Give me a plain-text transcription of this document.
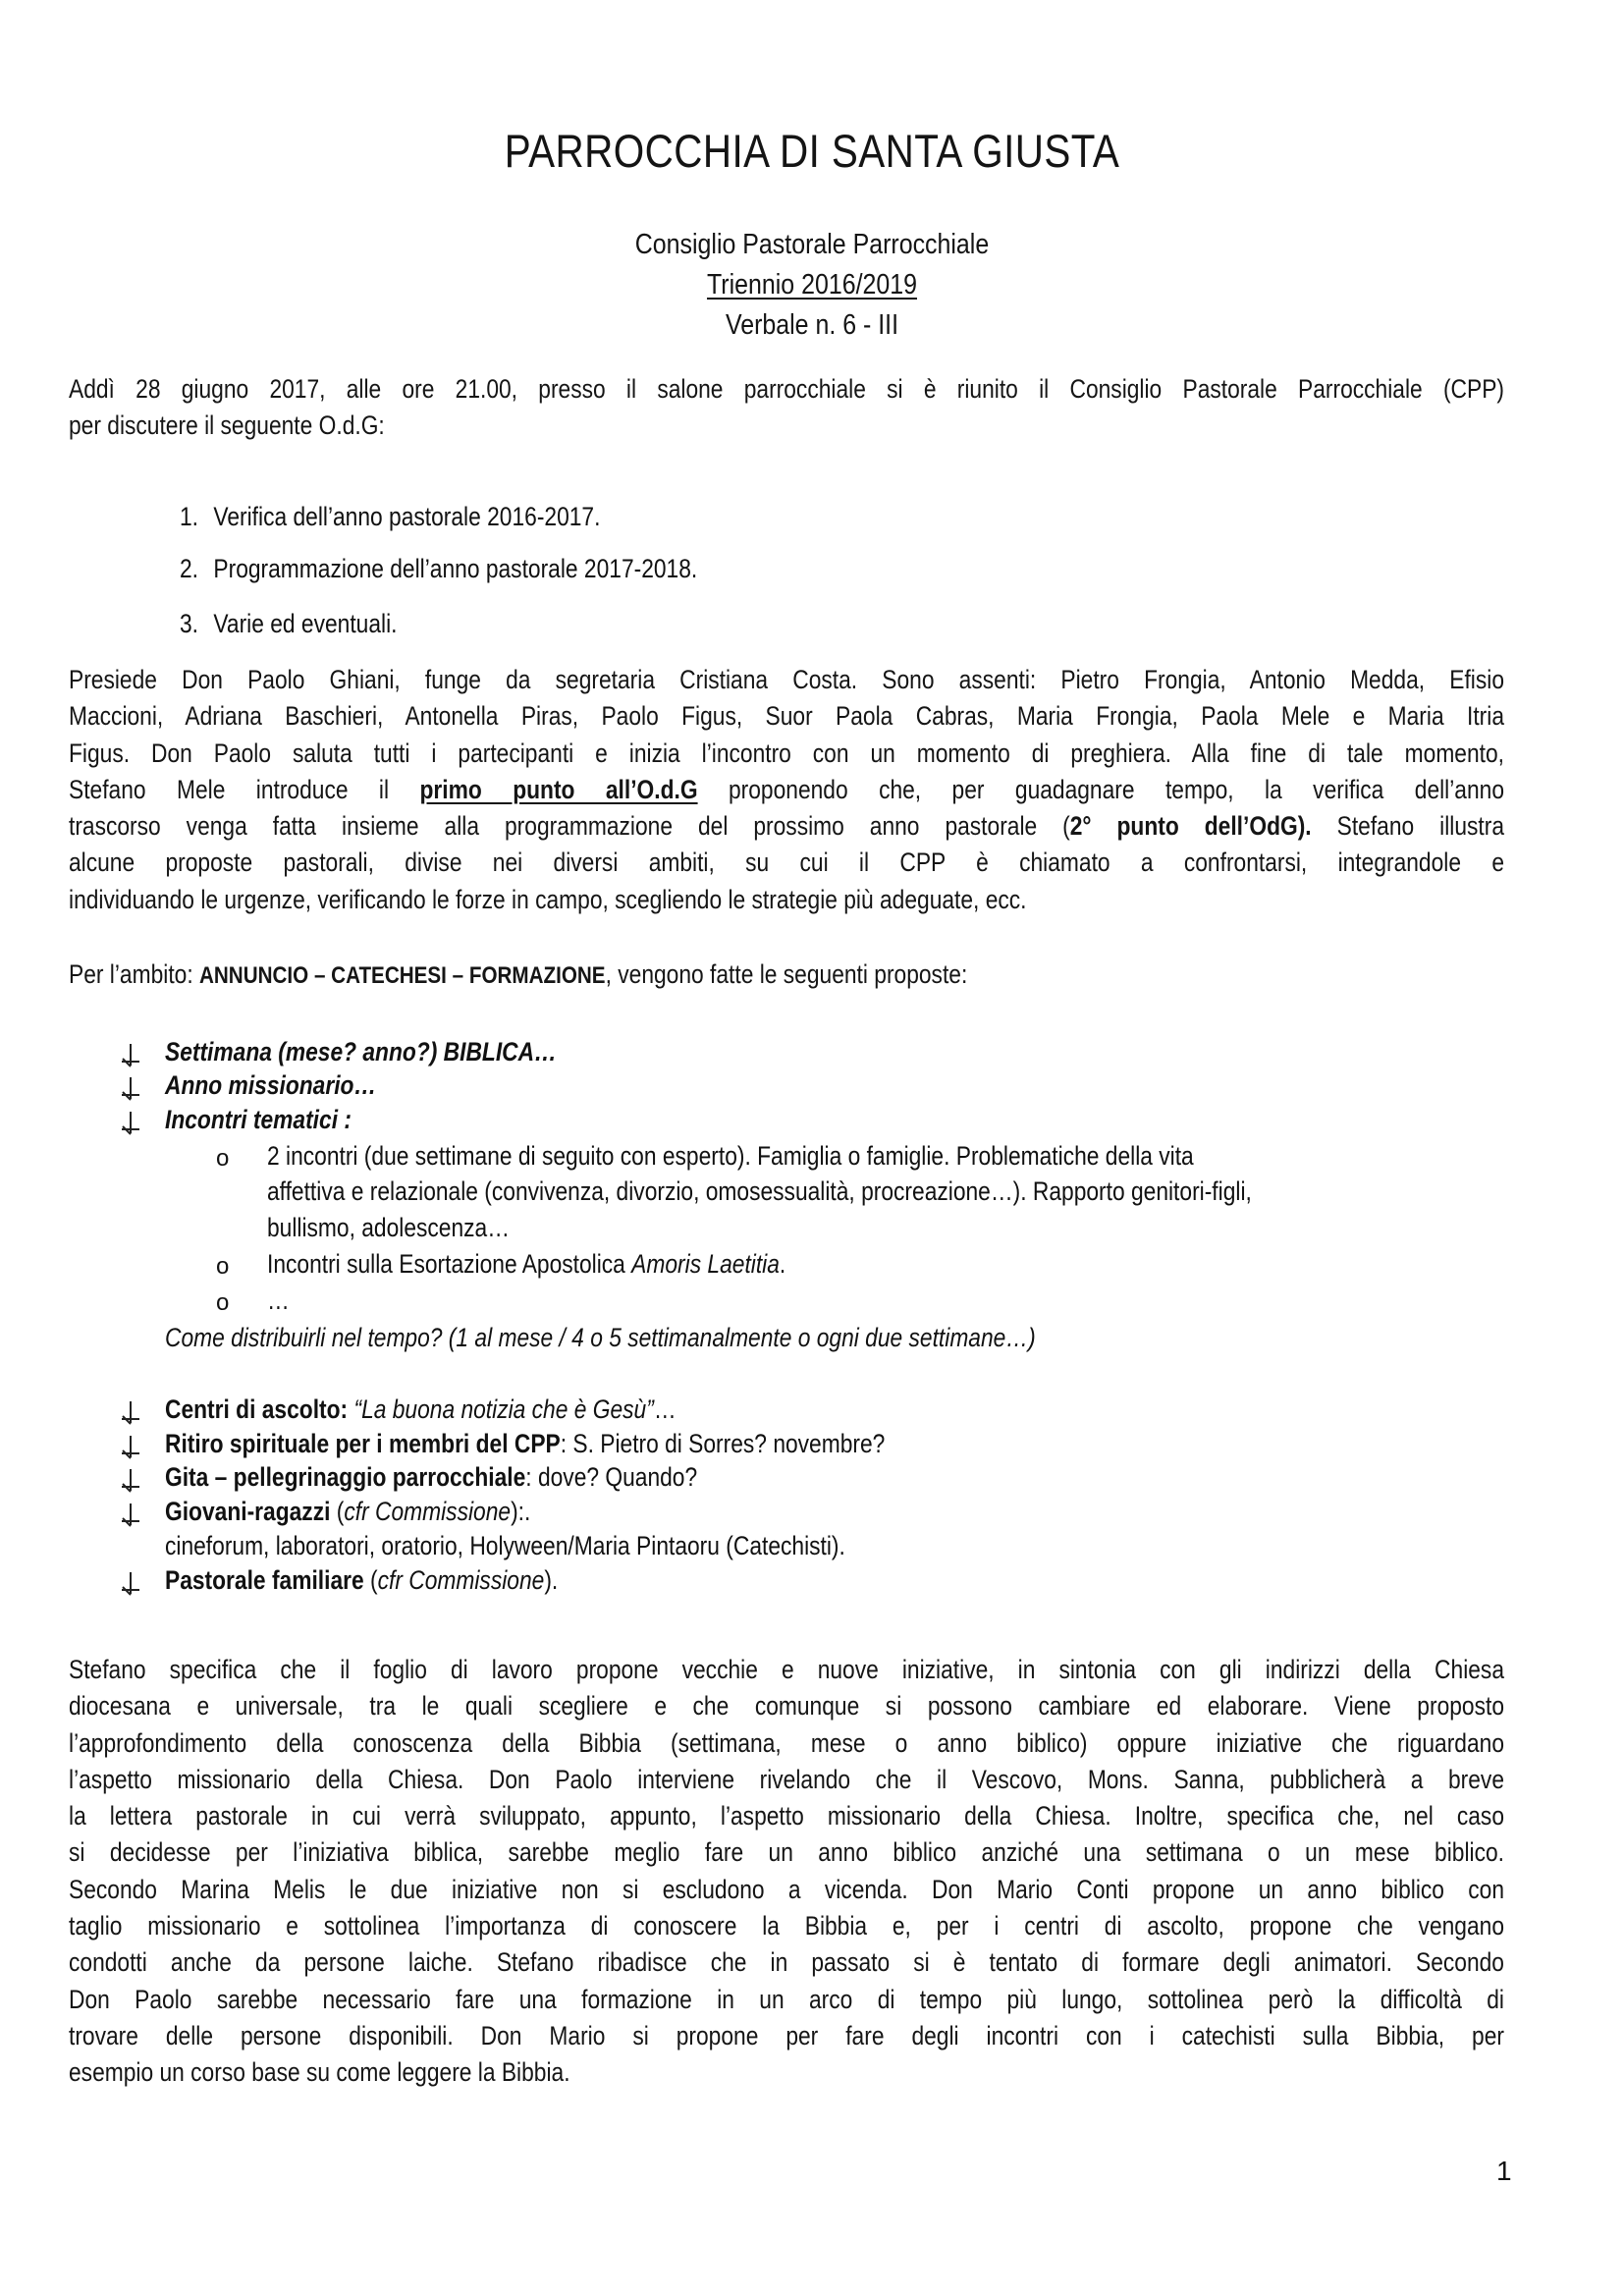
PARROCCHIA DI SANTA GIUSTA
Consiglio Pastorale Parrocchiale
Triennio 2016/2019
Verbale n. 6 - III
Addì 28 giugno 2017, alle ore 21.00, presso il salone parrocchiale si è riunito il Consiglio Pastorale Parrocchiale (CPP)
per discutere il seguente O.d.G:
1. Verifica dell’anno pastorale 2016-2017.
2. Programmazione dell’anno pastorale 2017-2018.
3. Varie ed eventuali.
Presiede Don Paolo Ghiani, funge da segretaria Cristiana Costa. Sono assenti: Pietro Frongia, Antonio Medda, Efisio
Maccioni, Adriana Baschieri, Antonella Piras, Paolo Figus, Suor Paola Cabras, Maria Frongia, Paola Mele e Maria Itria
Figus. Don Paolo saluta tutti i partecipanti e inizia l’incontro con un momento di preghiera. Alla fine di tale momento,
Stefano Mele introduce il primo punto all’O.d.G proponendo che, per guadagnare tempo, la verifica dell’anno
trascorso venga fatta insieme alla programmazione del prossimo anno pastorale (2° punto dell’OdG). Stefano illustra
alcune proposte pastorali, divise nei diversi ambiti, su cui il CPP è chiamato a confrontarsi, integrandole e
individuando le urgenze, verificando le forze in campo, scegliendo le strategie più adeguate, ecc.
Per l’ambito: ANNUNCIO – CATECHESI – FORMAZIONE, vengono fatte le seguenti proposte:
Settimana (mese? anno?) BIBLICA…
Anno missionario…
Incontri tematici :
o 2 incontri (due settimane di seguito con esperto). Famiglia o famiglie. Problematiche della vita
affettiva e relazionale (convivenza, divorzio, omosessualità, procreazione…). Rapporto genitori-figli,
bullismo, adolescenza…
o Incontri sulla Esortazione Apostolica Amoris Laetitia.
o …
Come distribuirli nel tempo? (1 al mese / 4 o 5 settimanalmente o ogni due settimane…)
Centri di ascolto: “La buona notizia che è Gesù”…
Ritiro spirituale per i membri del CPP: S. Pietro di Sorres? novembre?
Gita – pellegrinaggio parrocchiale: dove? Quando?
Giovani-ragazzi (cfr Commissione):.
cineforum, laboratori, oratorio, Holyween/Maria Pintaoru (Catechisti).
Pastorale familiare (cfr Commissione).
Stefano specifica che il foglio di lavoro propone vecchie e nuove iniziative, in sintonia con gli indirizzi della Chiesa
diocesana e universale, tra le quali scegliere e che comunque si possono cambiare ed elaborare. Viene proposto
l’approfondimento della conoscenza della Bibbia (settimana, mese o anno biblico) oppure iniziative che riguardano
l’aspetto missionario della Chiesa. Don Paolo interviene rivelando che il Vescovo, Mons. Sanna, pubblicherà a breve
la lettera pastorale in cui verrà sviluppato, appunto, l’aspetto missionario della Chiesa. Inoltre, specifica che, nel caso
si decidesse per l’iniziativa biblica, sarebbe meglio fare un anno biblico anziché una settimana o un mese biblico.
Secondo Marina Melis le due iniziative non si escludono a vicenda. Don Mario Conti propone un anno biblico con
taglio missionario e sottolinea l’importanza di conoscere la Bibbia e, per i centri di ascolto, propone che vengano
condotti anche da persone laiche. Stefano ribadisce che in passato si è tentato di formare degli animatori. Secondo
Don Paolo sarebbe necessario fare una formazione in un arco di tempo più lungo, sottolinea però la difficoltà di
trovare delle persone disponibili. Don Mario si propone per fare degli incontri con i catechisti sulla Bibbia, per
esempio un corso base su come leggere la Bibbia.
1
